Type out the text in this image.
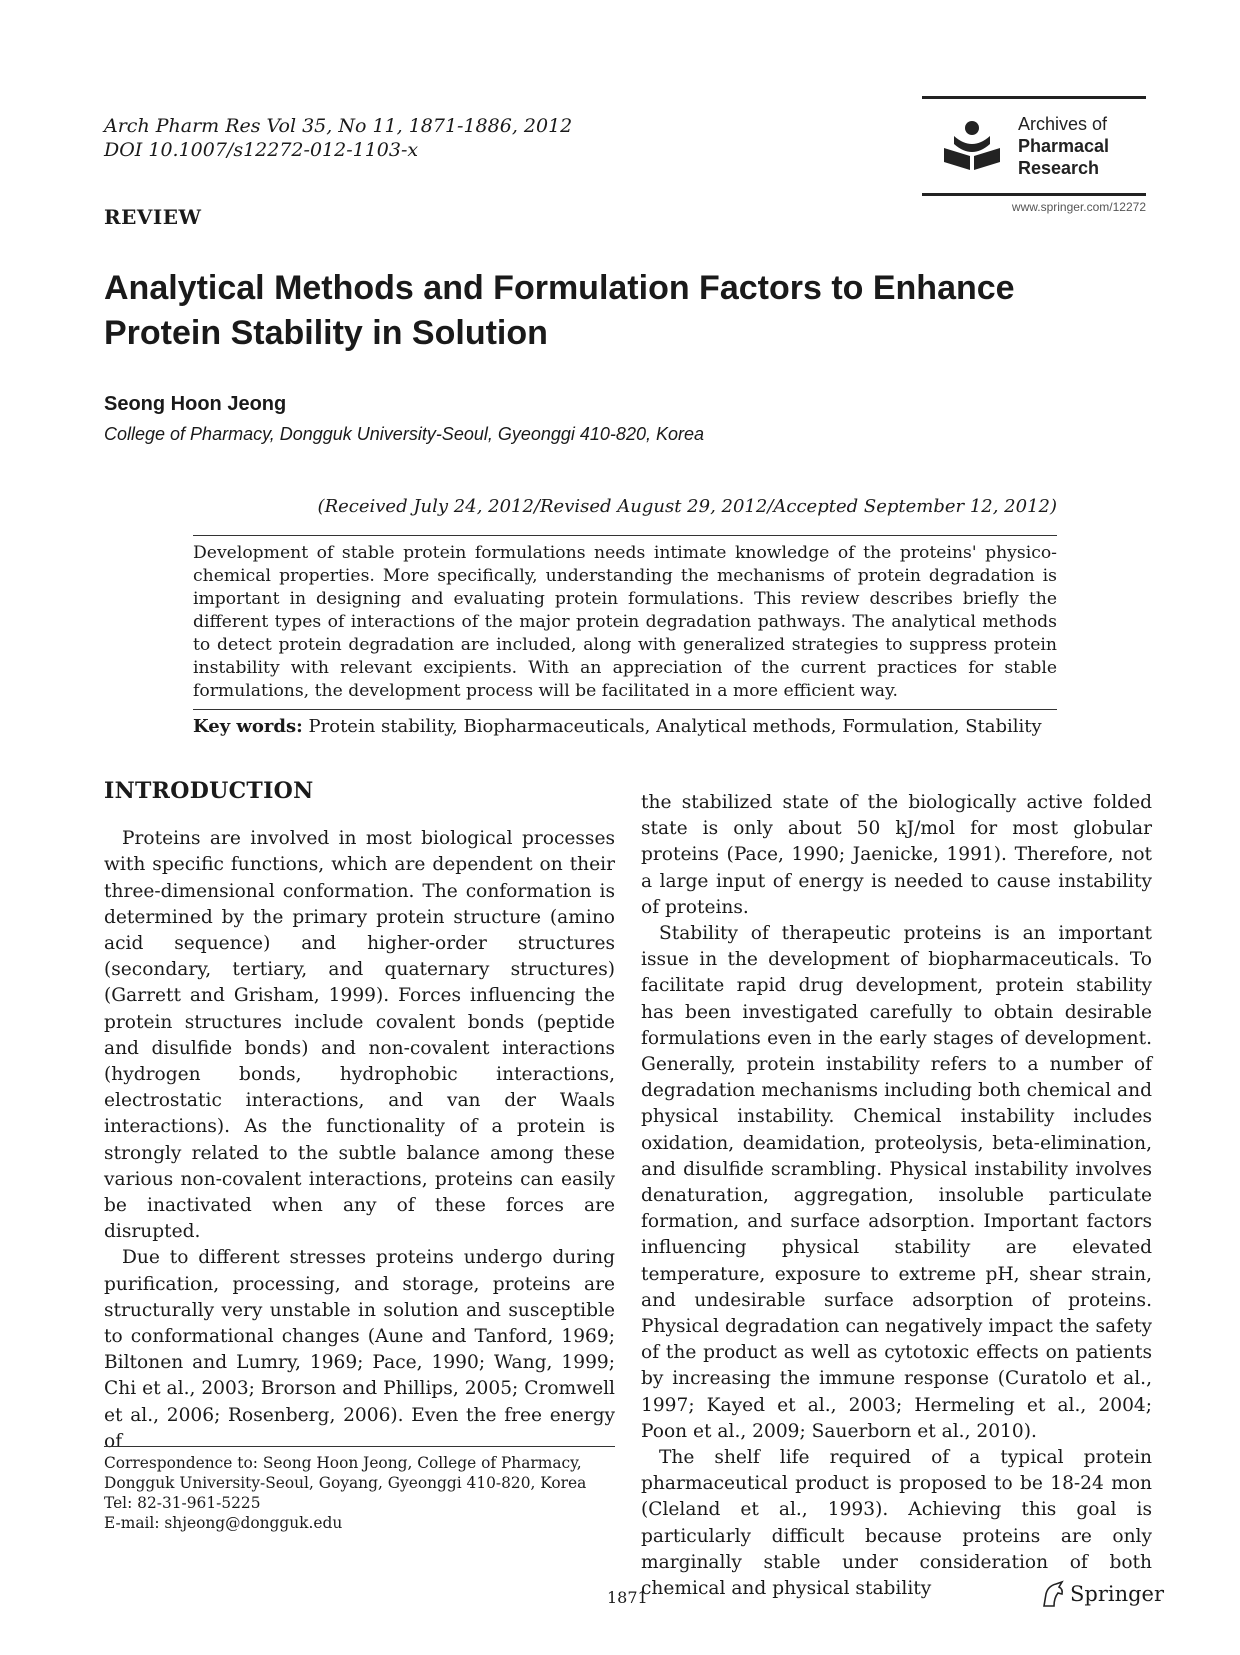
Arch Pharm Res Vol 35, No 11, 1871-1886, 2012
DOI 10.1007/s12272-012-1103-x
REVIEW
Archives of
Pharmacal
Research
www.springer.com/12272
Analytical Methods and Formulation Factors to Enhance Protein Stability in Solution
Seong Hoon Jeong
College of Pharmacy, Dongguk University-Seoul, Gyeonggi 410-820, Korea
(Received July 24, 2012/Revised August 29, 2012/Accepted September 12, 2012)
Development of stable protein formulations needs intimate knowledge of the proteins' physico-chemical properties. More specifically, understanding the mechanisms of protein degradation is important in designing and evaluating protein formulations. This review describes briefly the different types of interactions of the major protein degradation pathways. The analytical methods to detect protein degradation are included, along with generalized strategies to suppress protein instability with relevant excipients. With an appreciation of the current practices for stable formulations, the development process will be facilitated in a more efficient way.
Key words: Protein stability, Biopharmaceuticals, Analytical methods, Formulation, Stability
INTRODUCTION

Proteins are involved in most biological processes with specific functions, which are dependent on their three-dimensional conformation. The conformation is determined by the primary protein structure (amino acid sequence) and higher-order structures (secondary, tertiary, and quaternary structures) (Garrett and Grisham, 1999). Forces influencing the protein structures include covalent bonds (peptide and disulfide bonds) and non-covalent interactions (hydrogen bonds, hydrophobic interactions, electrostatic interactions, and van der Waals interactions). As the functionality of a protein is strongly related to the subtle balance among these various non-covalent interactions, proteins can easily be inactivated when any of these forces are disrupted.

Due to different stresses proteins undergo during purification, processing, and storage, proteins are structurally very unstable in solution and susceptible to conformational changes (Aune and Tanford, 1969; Biltonen and Lumry, 1969; Pace, 1990; Wang, 1999; Chi et al., 2003; Brorson and Phillips, 2005; Cromwell et al., 2006; Rosenberg, 2006). Even the free energy of

the stabilized state of the biologically active folded state is only about 50 kJ/mol for most globular proteins (Pace, 1990; Jaenicke, 1991). Therefore, not a large input of energy is needed to cause instability of proteins.

Stability of therapeutic proteins is an important issue in the development of biopharmaceuticals. To facilitate rapid drug development, protein stability has been investigated carefully to obtain desirable formulations even in the early stages of development. Generally, protein instability refers to a number of degradation mechanisms including both chemical and physical instability. Chemical instability includes oxidation, deamidation, proteolysis, beta-elimination, and disulfide scrambling. Physical instability involves denaturation, aggregation, insoluble particulate formation, and surface adsorption. Important factors influencing physical stability are elevated temperature, exposure to extreme pH, shear strain, and undesirable surface adsorption of proteins. Physical degradation can negatively impact the safety of the product as well as cytotoxic effects on patients by increasing the immune response (Curatolo et al., 1997; Kayed et al., 2003; Hermeling et al., 2004; Poon et al., 2009; Sauerborn et al., 2010).

The shelf life required of a typical protein pharmaceutical product is proposed to be 18-24 mon (Cleland et al., 1993). Achieving this goal is particularly difficult because proteins are only marginally stable under consideration of both chemical and physical stability

Correspondence to: Seong Hoon Jeong, College of Pharmacy,
Dongguk University-Seoul, Goyang, Gyeonggi 410-820, Korea
Tel: 82-31-961-5225
E-mail: shjeong@dongguk.edu
1871	Springer
